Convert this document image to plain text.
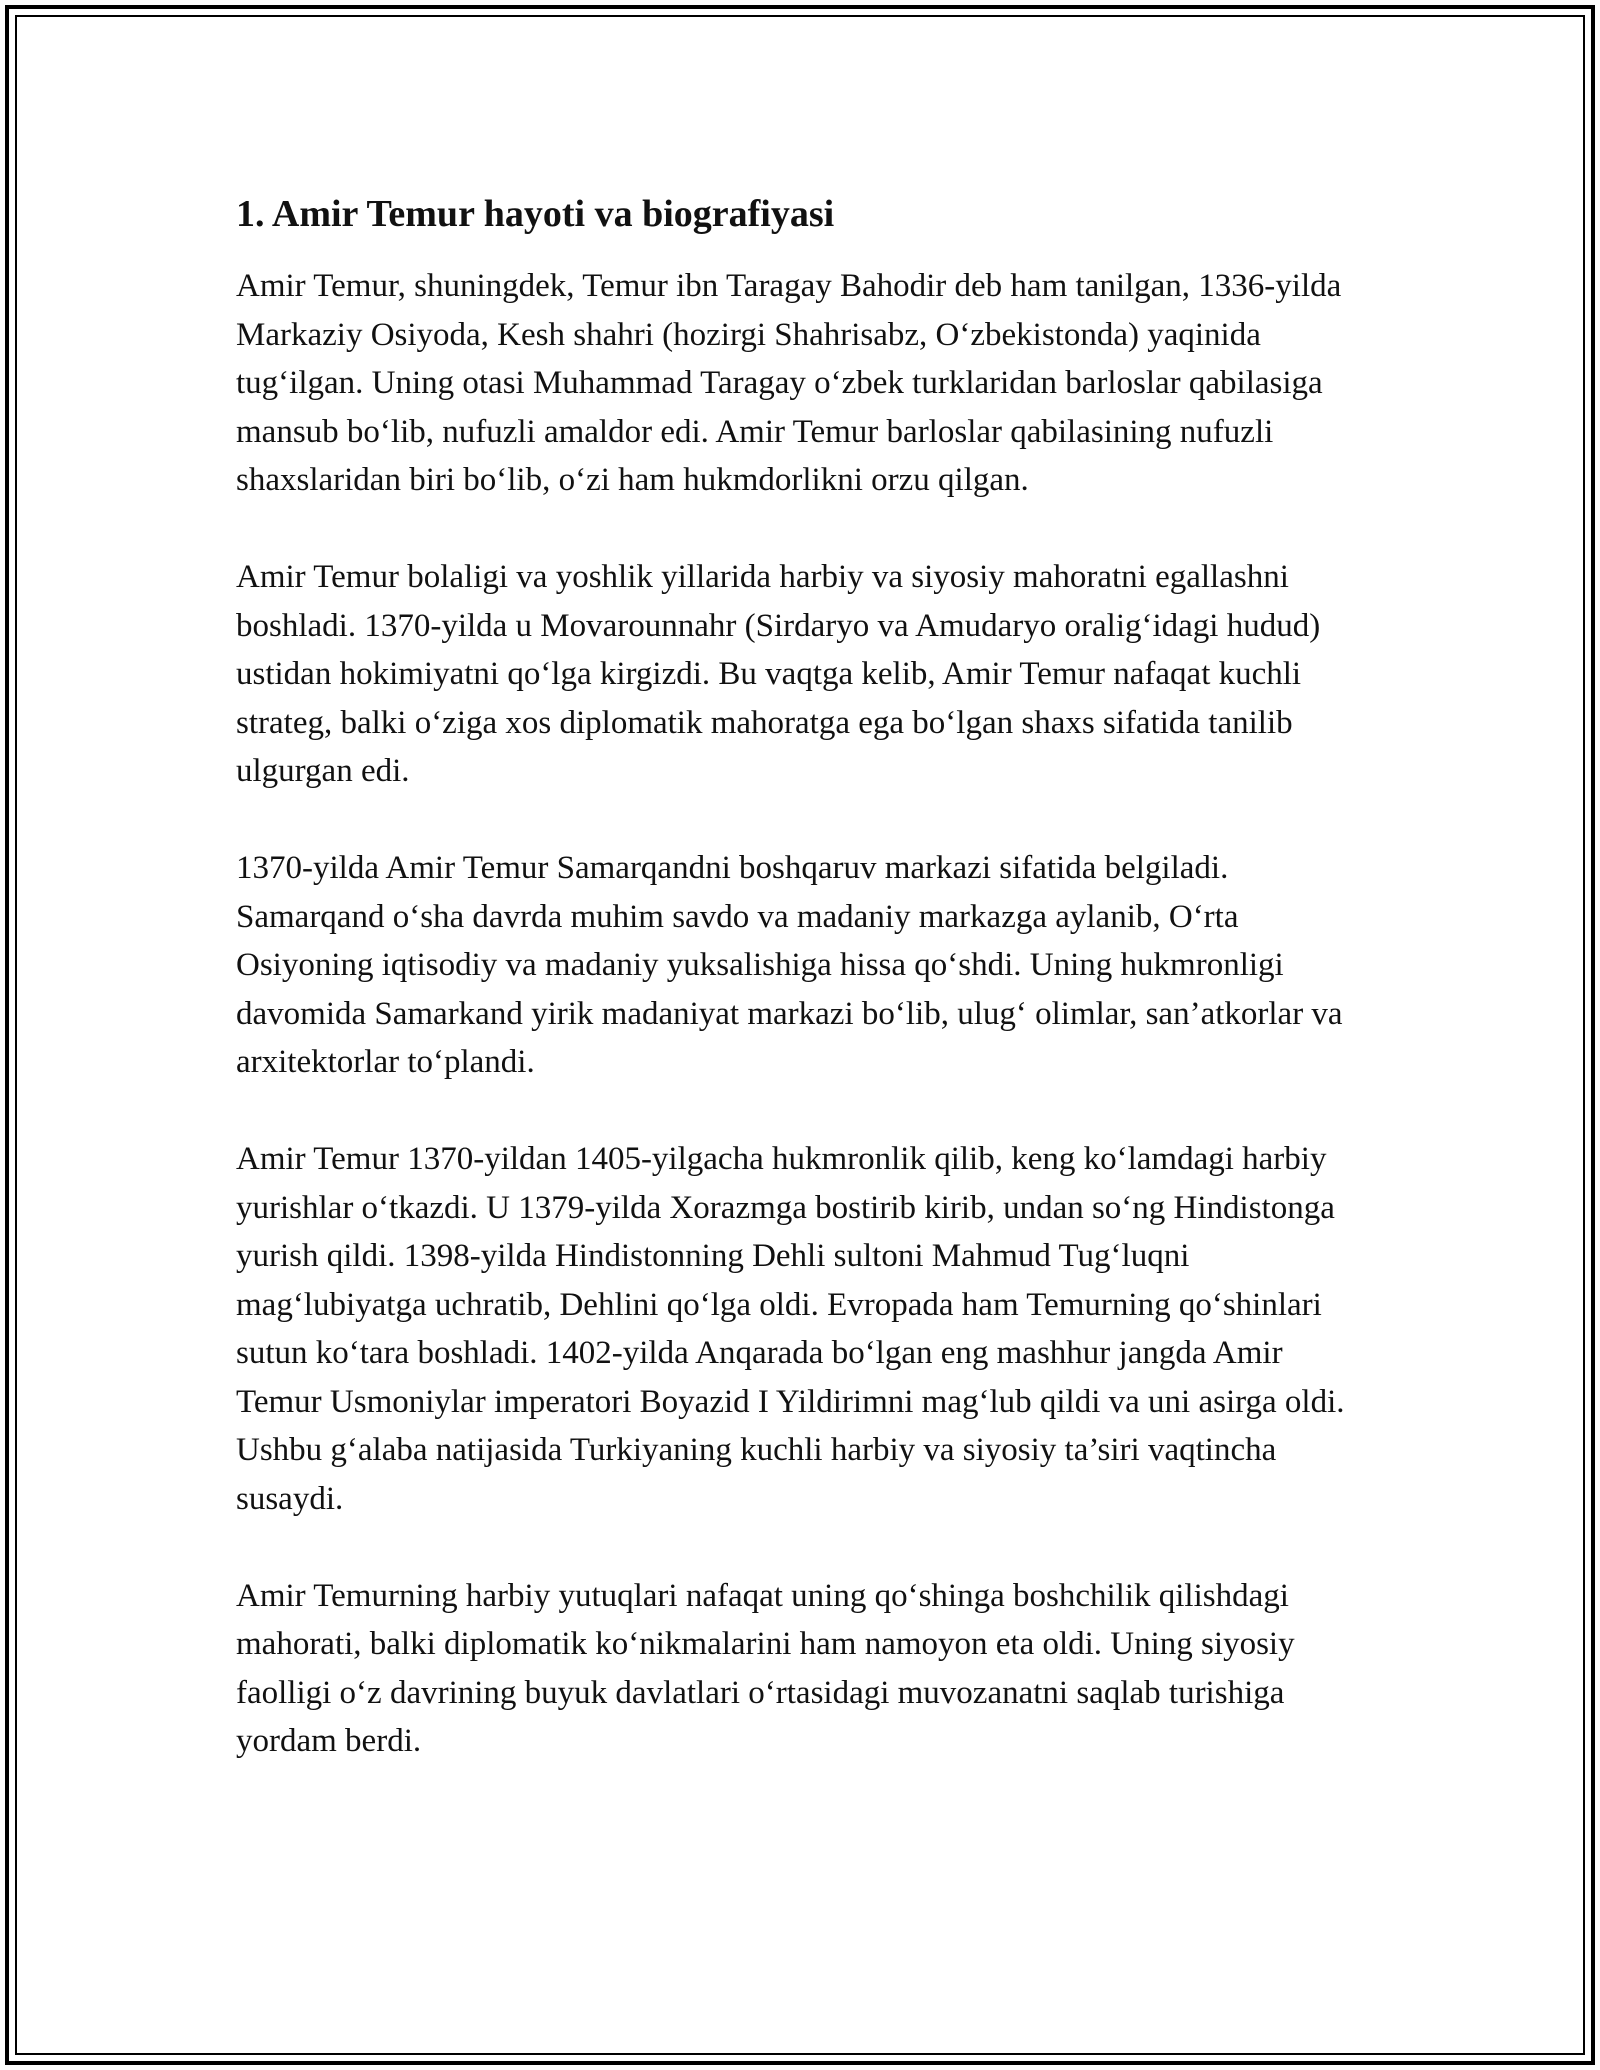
1. Amir Temur hayoti va biografiyasi

Amir Temur, shuningdek, Temur ibn Taragay Bahodir deb ham tanilgan, 1336-yilda Markaziy Osiyoda, Kesh shahri (hozirgi Shahrisabz, O‘zbekistonda) yaqinida tug‘ilgan. Uning otasi Muhammad Taragay o‘zbek turklaridan barloslar qabilasiga mansub bo‘lib, nufuzli amaldor edi. Amir Temur barloslar qabilasining nufuzli shaxslaridan biri bo‘lib, o‘zi ham hukmdorlikni orzu qilgan.

Amir Temur bolaligi va yoshlik yillarida harbiy va siyosiy mahoratni egallashni boshladi. 1370-yilda u Movarounnahr (Sirdaryo va Amudaryo oralig‘idagi hudud) ustidan hokimiyatni qo‘lga kirgizdi. Bu vaqtga kelib, Amir Temur nafaqat kuchli strateg, balki o‘ziga xos diplomatik mahoratga ega bo‘lgan shaxs sifatida tanilib ulgurgan edi.

1370-yilda Amir Temur Samarqandni boshqaruv markazi sifatida belgiladi. Samarqand o‘sha davrda muhim savdo va madaniy markazga aylanib, O‘rta Osiyoning iqtisodiy va madaniy yuksalishiga hissa qo‘shdi. Uning hukmronligi davomida Samarkand yirik madaniyat markazi bo‘lib, ulug‘ olimlar, san’atkorlar va arxitektorlar to‘plandi.

Amir Temur 1370-yildan 1405-yilgacha hukmronlik qilib, keng ko‘lamdagi harbiy yurishlar o‘tkazdi. U 1379-yilda Xorazmga bostirib kirib, undan so‘ng Hindistonga yurish qildi. 1398-yilda Hindistonning Dehli sultoni Mahmud Tug‘luqni mag‘lubiyatga uchratib, Dehlini qo‘lga oldi. Evropada ham Temurning qo‘shinlari sutun ko‘tara boshladi. 1402-yilda Anqarada bo‘lgan eng mashhur jangda Amir Temur Usmoniylar imperatori Boyazid I Yildirimni mag‘lub qildi va uni asirga oldi. Ushbu g‘alaba natijasida Turkiyaning kuchli harbiy va siyosiy ta’siri vaqtincha susaydi.

Amir Temurning harbiy yutuqlari nafaqat uning qo‘shinga boshchilik qilishdagi mahorati, balki diplomatik ko‘nikmalarini ham namoyon eta oldi. Uning siyosiy faolligi o‘z davrining buyuk davlatlari o‘rtasidagi muvozanatni saqlab turishiga yordam berdi.
